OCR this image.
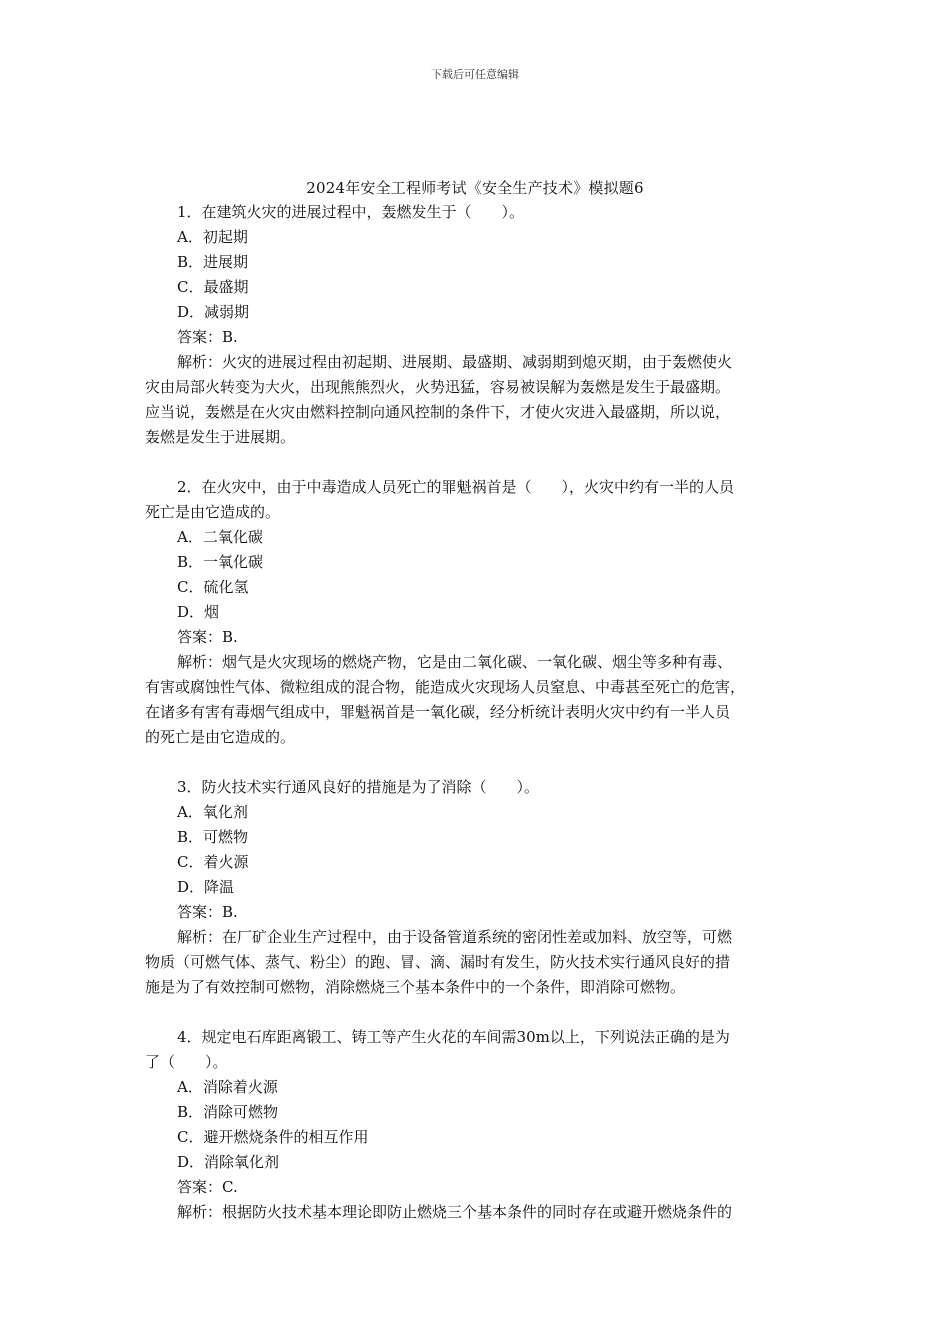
下载后可任意编辑
2024年安全工程师考试《安全生产技术》模拟题6
1．在建筑火灾的进展过程中，轰燃发生于（　　）。
A．初起期
B．进展期
C．最盛期
D．减弱期
答案：B.
解析：火灾的进展过程由初起期、进展期、最盛期、减弱期到熄灭期，由于轰燃使火
灾由局部火转变为大火，出现熊熊烈火，火势迅猛，容易被误解为轰燃是发生于最盛期。
应当说，轰燃是在火灾由燃料控制向通风控制的条件下，才使火灾进入最盛期，所以说，
轰燃是发生于进展期。
2．在火灾中，由于中毒造成人员死亡的罪魁祸首是（　　），火灾中约有一半的人员
死亡是由它造成的。
A．二氧化碳
B．一氧化碳
C．硫化氢
D．烟
答案：B.
解析：烟气是火灾现场的燃烧产物，它是由二氧化碳、一氧化碳、烟尘等多种有毒、
有害或腐蚀性气体、微粒组成的混合物，能造成火灾现场人员窒息、中毒甚至死亡的危害，
在诸多有害有毒烟气组成中，罪魁祸首是一氧化碳，经分析统计表明火灾中约有一半人员
的死亡是由它造成的。
3．防火技术实行通风良好的措施是为了消除（　　）。
A．氧化剂
B．可燃物
C．着火源
D．降温
答案：B.
解析：在厂矿企业生产过程中，由于设备管道系统的密闭性差或加料、放空等，可燃
物质（可燃气体、蒸气、粉尘）的跑、冒、滴、漏时有发生，防火技术实行通风良好的措
施是为了有效控制可燃物，消除燃烧三个基本条件中的一个条件，即消除可燃物。
4．规定电石库距离锻工、铸工等产生火花的车间需30m以上，下列说法正确的是为
了（　　）。
A．消除着火源
B．消除可燃物
C．避开燃烧条件的相互作用
D．消除氧化剂
答案：C.
解析：根据防火技术基本理论即防止燃烧三个基本条件的同时存在或避开燃烧条件的
